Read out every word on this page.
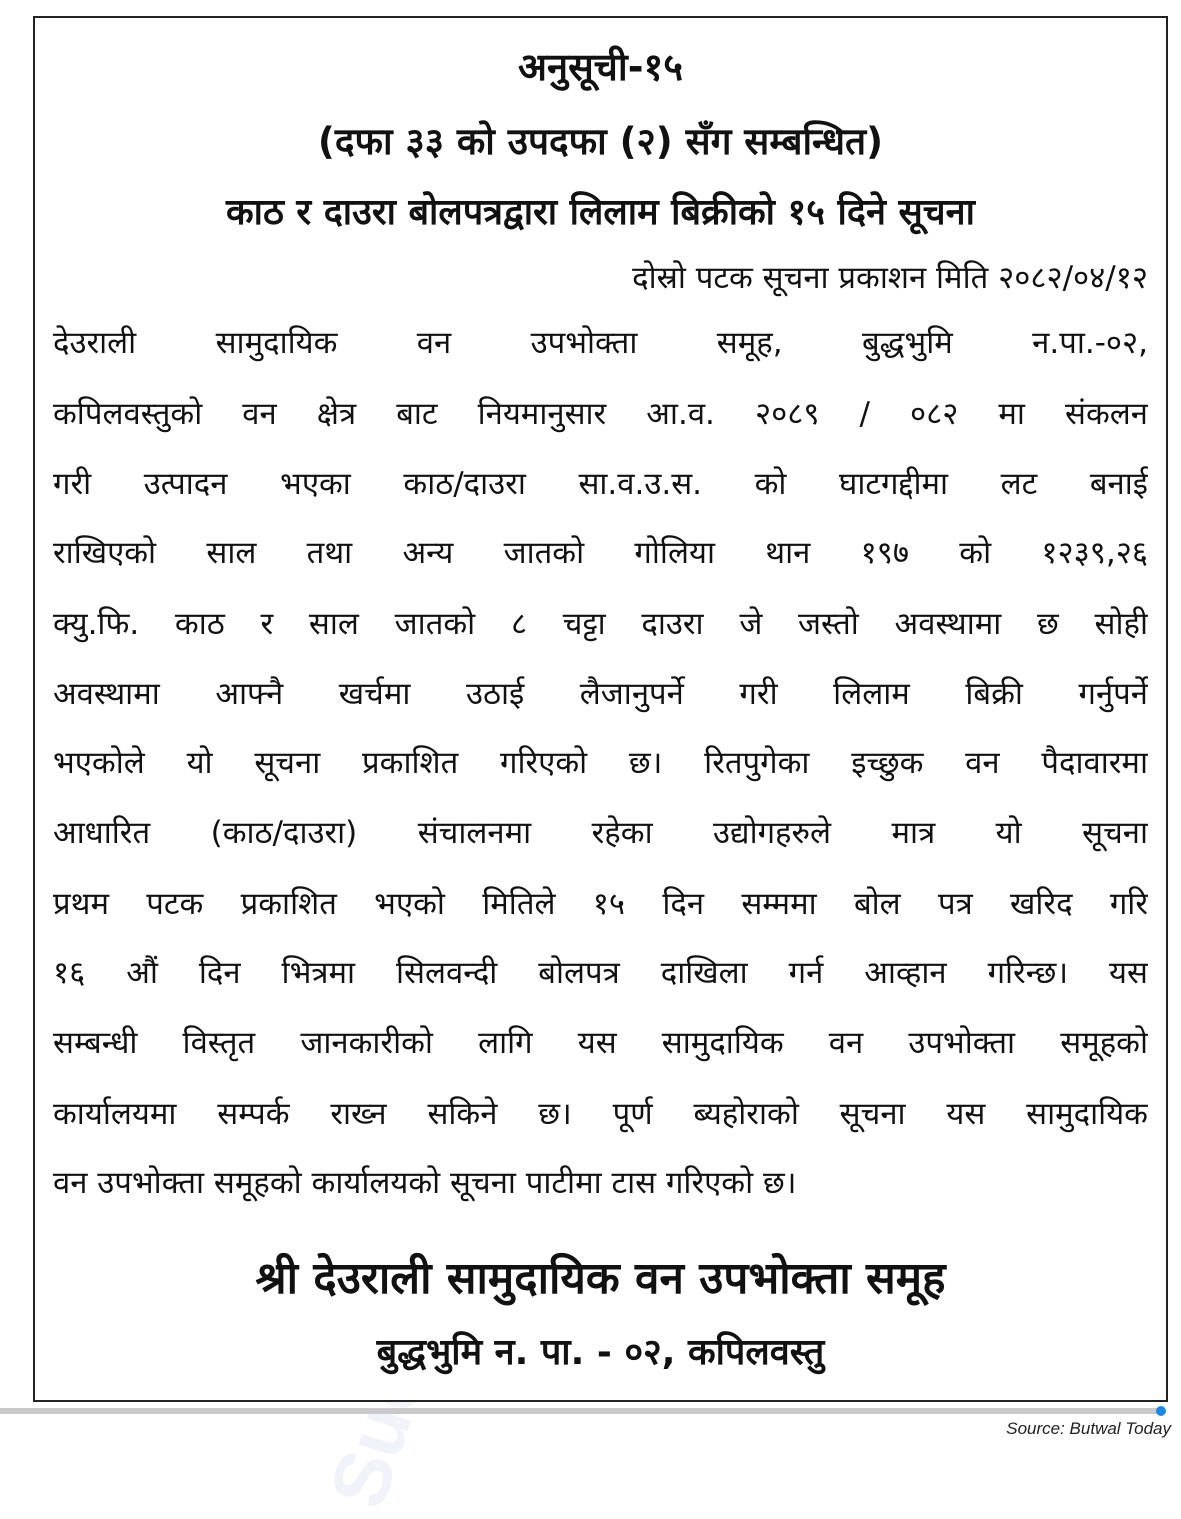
अनुसूची-१५
(दफा ३३ को उपदफा (२) सँग सम्बन्धित)
काठ र दाउरा बोलपत्रद्वारा लिलाम बिक्रीको १५ दिने सूचना
दोस्रो पटक सूचना प्रकाशन मिति २०८२/०४/१२
देउराली सामुदायिक वन उपभोक्ता समूह, बुद्धभुमि न.पा.-०२,
कपिलवस्तुको वन क्षेत्र बाट नियमानुसार आ.व. २०८९ / ०८२ मा संकलन
गरी उत्पादन भएका काठ/दाउरा सा.व.उ.स. को घाटगद्दीमा लट बनाई
राखिएको साल तथा अन्य जातको गोलिया थान १९७ को १२३९,२६
क्यु.फि. काठ र साल जातको ८ चट्टा दाउरा जे जस्तो अवस्थामा छ सोही
अवस्थामा आफ्नै खर्चमा उठाई लैजानुपर्ने गरी लिलाम बिक्री गर्नुपर्ने
भएकोले यो सूचना प्रकाशित गरिएको छ। रितपुगेका इच्छुक वन पैदावारमा
आधारित (काठ/दाउरा) संचालनमा रहेका उद्योगहरुले मात्र यो सूचना
प्रथम पटक प्रकाशित भएको मितिले १५ दिन सम्ममा बोल पत्र खरिद गरि
१६ औं दिन भित्रमा सिलवन्दी बोलपत्र दाखिला गर्न आव्हान गरिन्छ। यस
सम्बन्धी विस्तृत जानकारीको लागि यस सामुदायिक वन उपभोक्ता समूहको
कार्यालयमा सम्पर्क राख्न सकिने छ। पूर्ण ब्यहोराको सूचना यस सामुदायिक
वन उपभोक्ता समूहको कार्यालयको सूचना पाटीमा टास गरिएको छ।
श्री देउराली सामुदायिक वन उपभोक्ता समूह
बुद्धभुमि न. पा. - ०२, कपिलवस्तु
Source: Butwal Today
